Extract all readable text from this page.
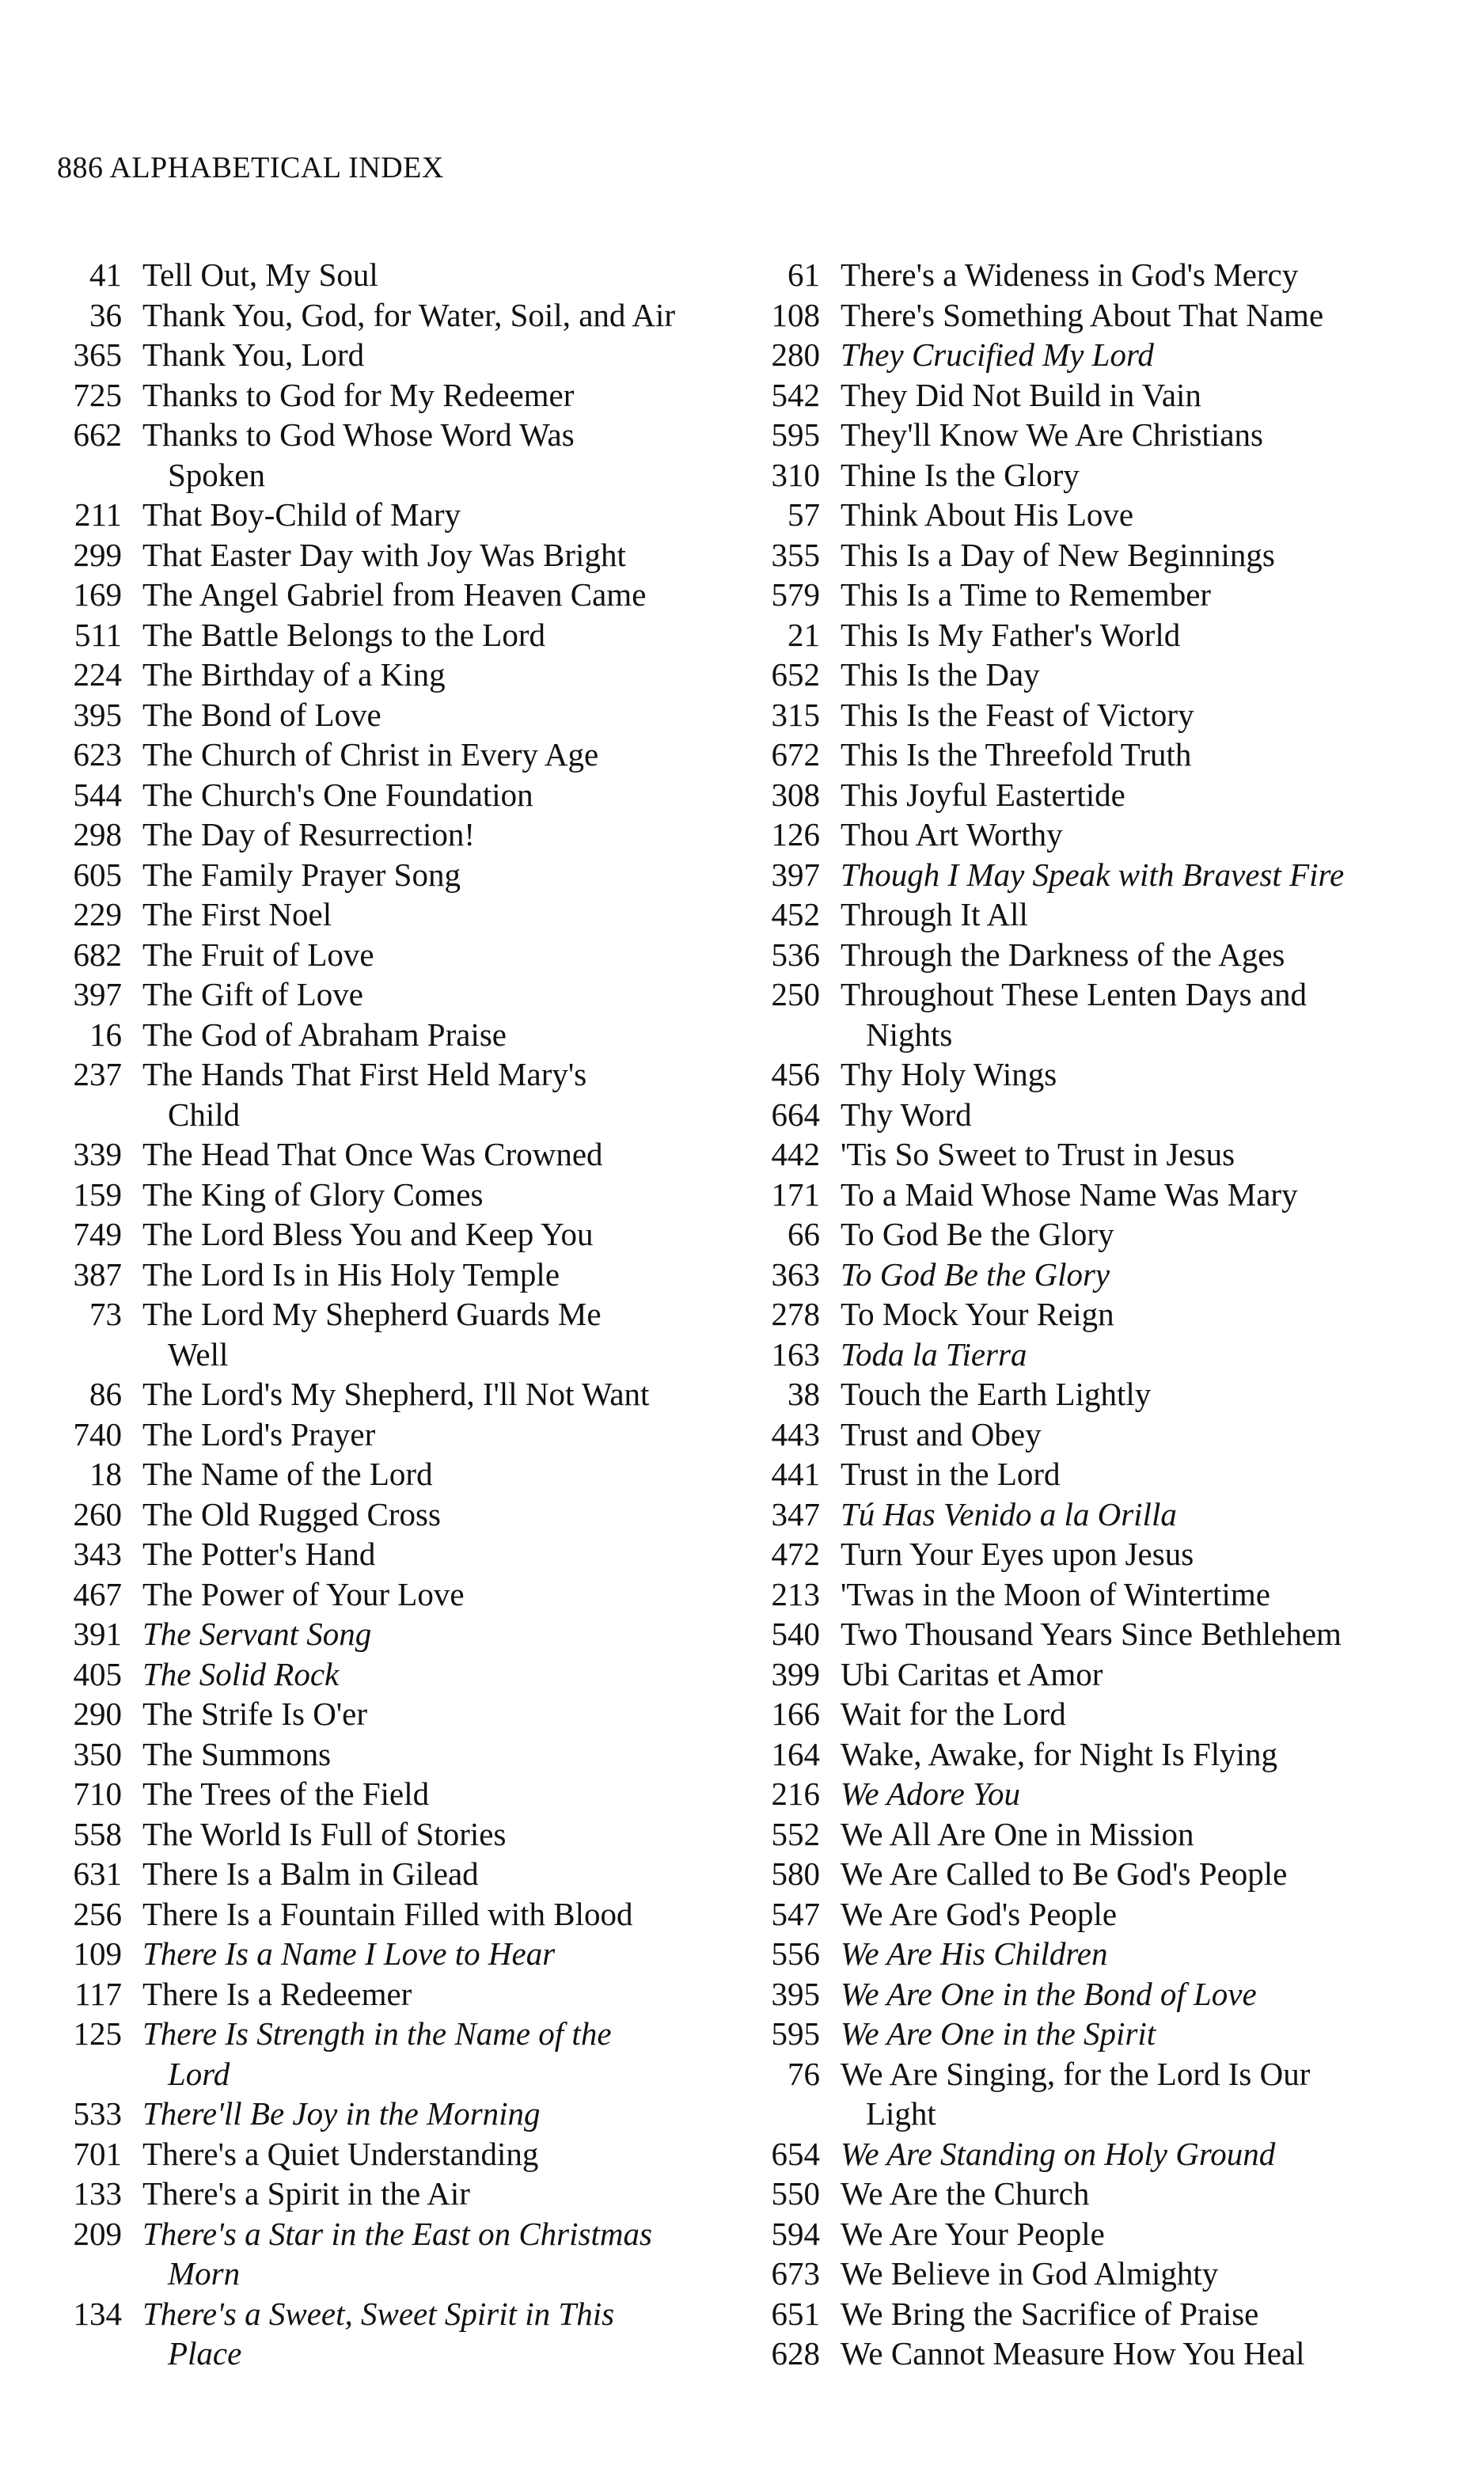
886 ALPHABETICAL INDEX
41 Tell Out, My Soul
36 Thank You, God, for Water, Soil, and Air
365 Thank You, Lord
725 Thanks to God for My Redeemer
662 Thanks to God Whose Word Was
Spoken
211 That Boy-Child of Mary
299 That Easter Day with Joy Was Bright
169 The Angel Gabriel from Heaven Came
511 The Battle Belongs to the Lord
224 The Birthday of a King
395 The Bond of Love
623 The Church of Christ in Every Age
544 The Church's One Foundation
298 The Day of Resurrection!
605 The Family Prayer Song
229 The First Noel
682 The Fruit of Love
397 The Gift of Love
16 The God of Abraham Praise
237 The Hands That First Held Mary's
Child
339 The Head That Once Was Crowned
159 The King of Glory Comes
749 The Lord Bless You and Keep You
387 The Lord Is in His Holy Temple
73 The Lord My Shepherd Guards Me
Well
86 The Lord's My Shepherd, I'll Not Want
740 The Lord's Prayer
18 The Name of the Lord
260 The Old Rugged Cross
343 The Potter's Hand
467 The Power of Your Love
391 The Servant Song
405 The Solid Rock
290 The Strife Is O'er
350 The Summons
710 The Trees of the Field
558 The World Is Full of Stories
631 There Is a Balm in Gilead
256 There Is a Fountain Filled with Blood
109 There Is a Name I Love to Hear
117 There Is a Redeemer
125 There Is Strength in the Name of the
Lord
533 There'll Be Joy in the Morning
701 There's a Quiet Understanding
133 There's a Spirit in the Air
209 There's a Star in the East on Christmas
Morn
134 There's a Sweet, Sweet Spirit in This
Place
61 There's a Wideness in God's Mercy
108 There's Something About That Name
280 They Crucified My Lord
542 They Did Not Build in Vain
595 They'll Know We Are Christians
310 Thine Is the Glory
57 Think About His Love
355 This Is a Day of New Beginnings
579 This Is a Time to Remember
21 This Is My Father's World
652 This Is the Day
315 This Is the Feast of Victory
672 This Is the Threefold Truth
308 This Joyful Eastertide
126 Thou Art Worthy
397 Though I May Speak with Bravest Fire
452 Through It All
536 Through the Darkness of the Ages
250 Throughout These Lenten Days and
Nights
456 Thy Holy Wings
664 Thy Word
442 'Tis So Sweet to Trust in Jesus
171 To a Maid Whose Name Was Mary
66 To God Be the Glory
363 To God Be the Glory
278 To Mock Your Reign
163 Toda la Tierra
38 Touch the Earth Lightly
443 Trust and Obey
441 Trust in the Lord
347 Tú Has Venido a la Orilla
472 Turn Your Eyes upon Jesus
213 'Twas in the Moon of Wintertime
540 Two Thousand Years Since Bethlehem
399 Ubi Caritas et Amor
166 Wait for the Lord
164 Wake, Awake, for Night Is Flying
216 We Adore You
552 We All Are One in Mission
580 We Are Called to Be God's People
547 We Are God's People
556 We Are His Children
395 We Are One in the Bond of Love
595 We Are One in the Spirit
76 We Are Singing, for the Lord Is Our
Light
654 We Are Standing on Holy Ground
550 We Are the Church
594 We Are Your People
673 We Believe in God Almighty
651 We Bring the Sacrifice of Praise
628 We Cannot Measure How You Heal
